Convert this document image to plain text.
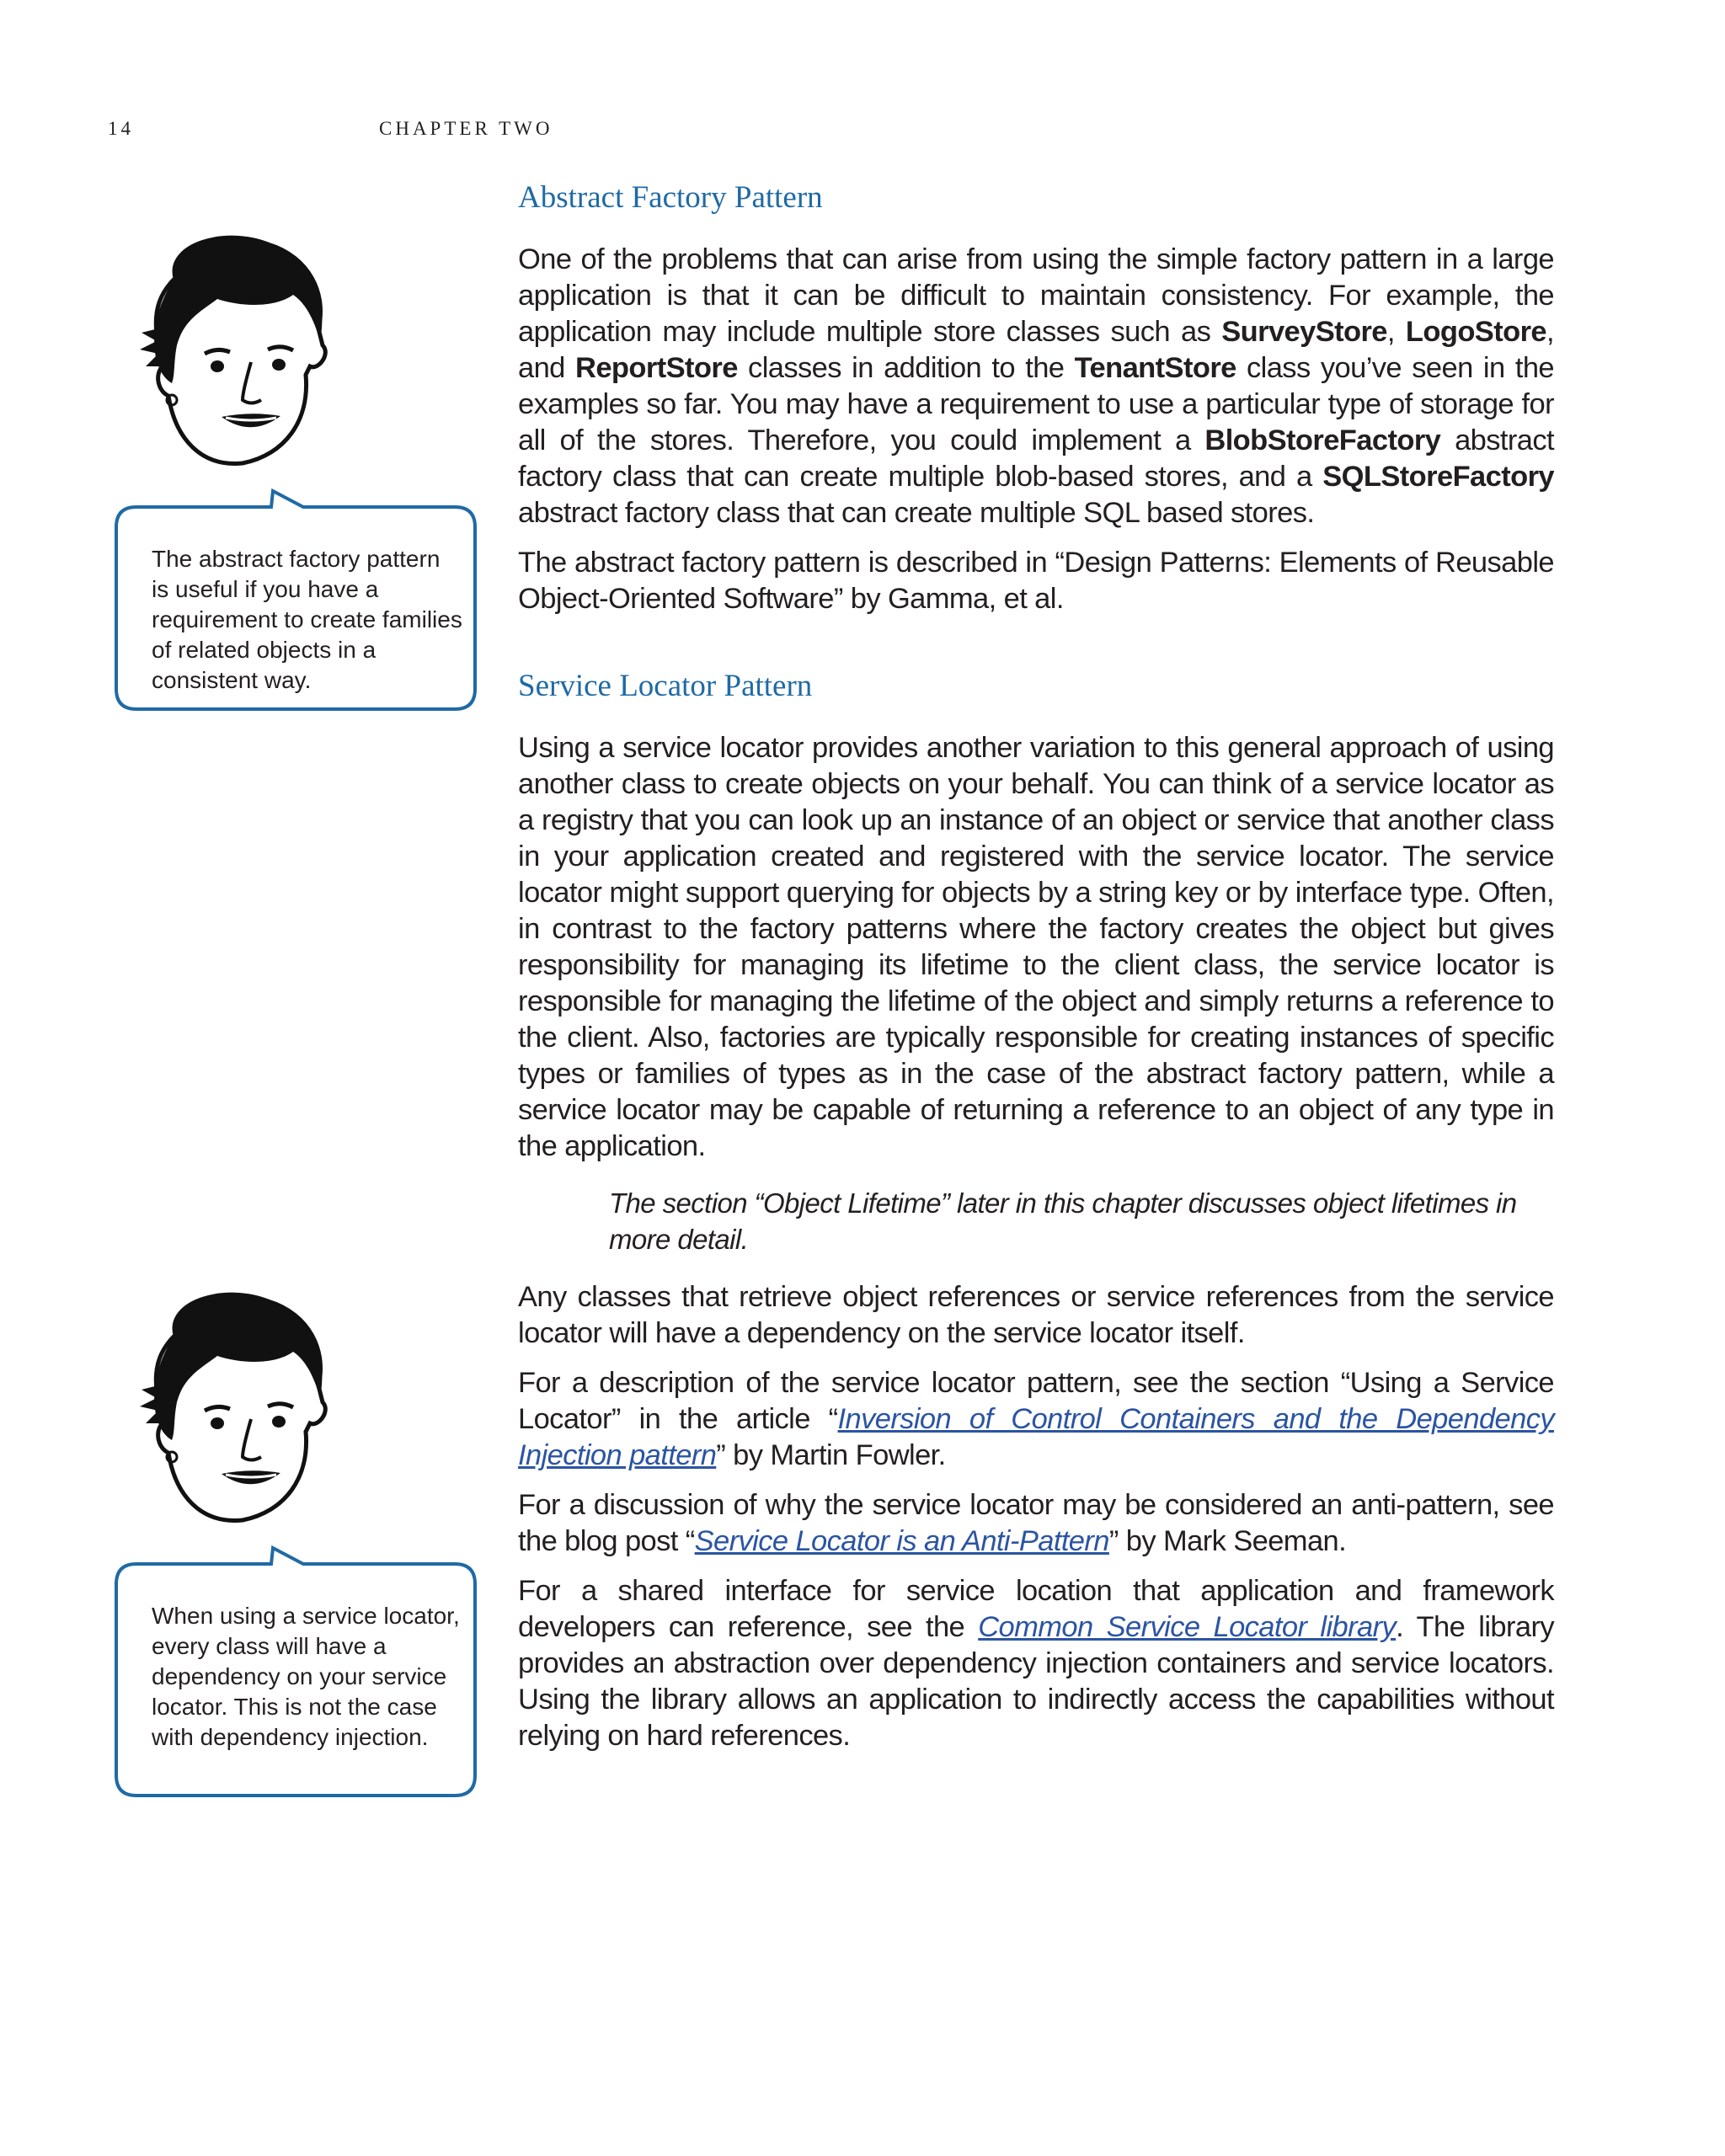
14	CHAPTER TWO
The abstract factory pattern is useful if you have a requirement to create families of related objects in a consistent way.
When using a service locator, every class will have a dependency on your service locator. This is not the case with dependency injection.
Abstract Factory Pattern

One of the problems that can arise from using the simple factory pattern in a large application is that it can be difficult to maintain consistency. For example, the application may include multiple store classes such as SurveyStore, LogoStore, and ReportStore classes in addition to the TenantStore class you’ve seen in the examples so far. You may have a requirement to use a particular type of storage for all of the stores. Therefore, you could implement a BlobStoreFactory abstract factory class that can create multiple blob-based stores, and a SQLStoreFactory abstract factory class that can create multiple SQL based stores.

The abstract factory pattern is described in “Design Patterns: Elements of Reusable Object-Oriented Software” by Gamma, et al.

Service Locator Pattern

Using a service locator provides another variation to this general approach of using another class to create objects on your behalf. You can think of a service locator as a registry that you can look up an instance of an object or service that another class in your application created and registered with the service locator. The service locator might support querying for objects by a string key or by interface type. Often, in contrast to the factory patterns where the factory creates the object but gives responsibility for managing its lifetime to the client class, the service locator is responsible for managing the lifetime of the object and simply returns a reference to the client. Also, factories are typically responsible for creating instances of specific types or families of types as in the case of the abstract factory pattern, while a service locator may be capable of returning a reference to an object of any type in the application.

The section “Object Lifetime” later in this chapter discusses object lifetimes in more detail.

Any classes that retrieve object references or service references from the service locator will have a dependency on the service locator itself.

For a description of the service locator pattern, see the section “Using a Service Locator” in the article “Inversion of Control Containers and the Dependency Injection pattern” by Martin Fowler.

For a discussion of why the service locator may be considered an anti-pattern, see the blog post “Service Locator is an Anti-Pattern” by Mark Seeman.

For a shared interface for service location that application and framework developers can reference, see the Common Service Locator library. The library provides an abstraction over dependency injection containers and service locators. Using the library allows an application to indirectly access the capabilities without relying on hard references.
